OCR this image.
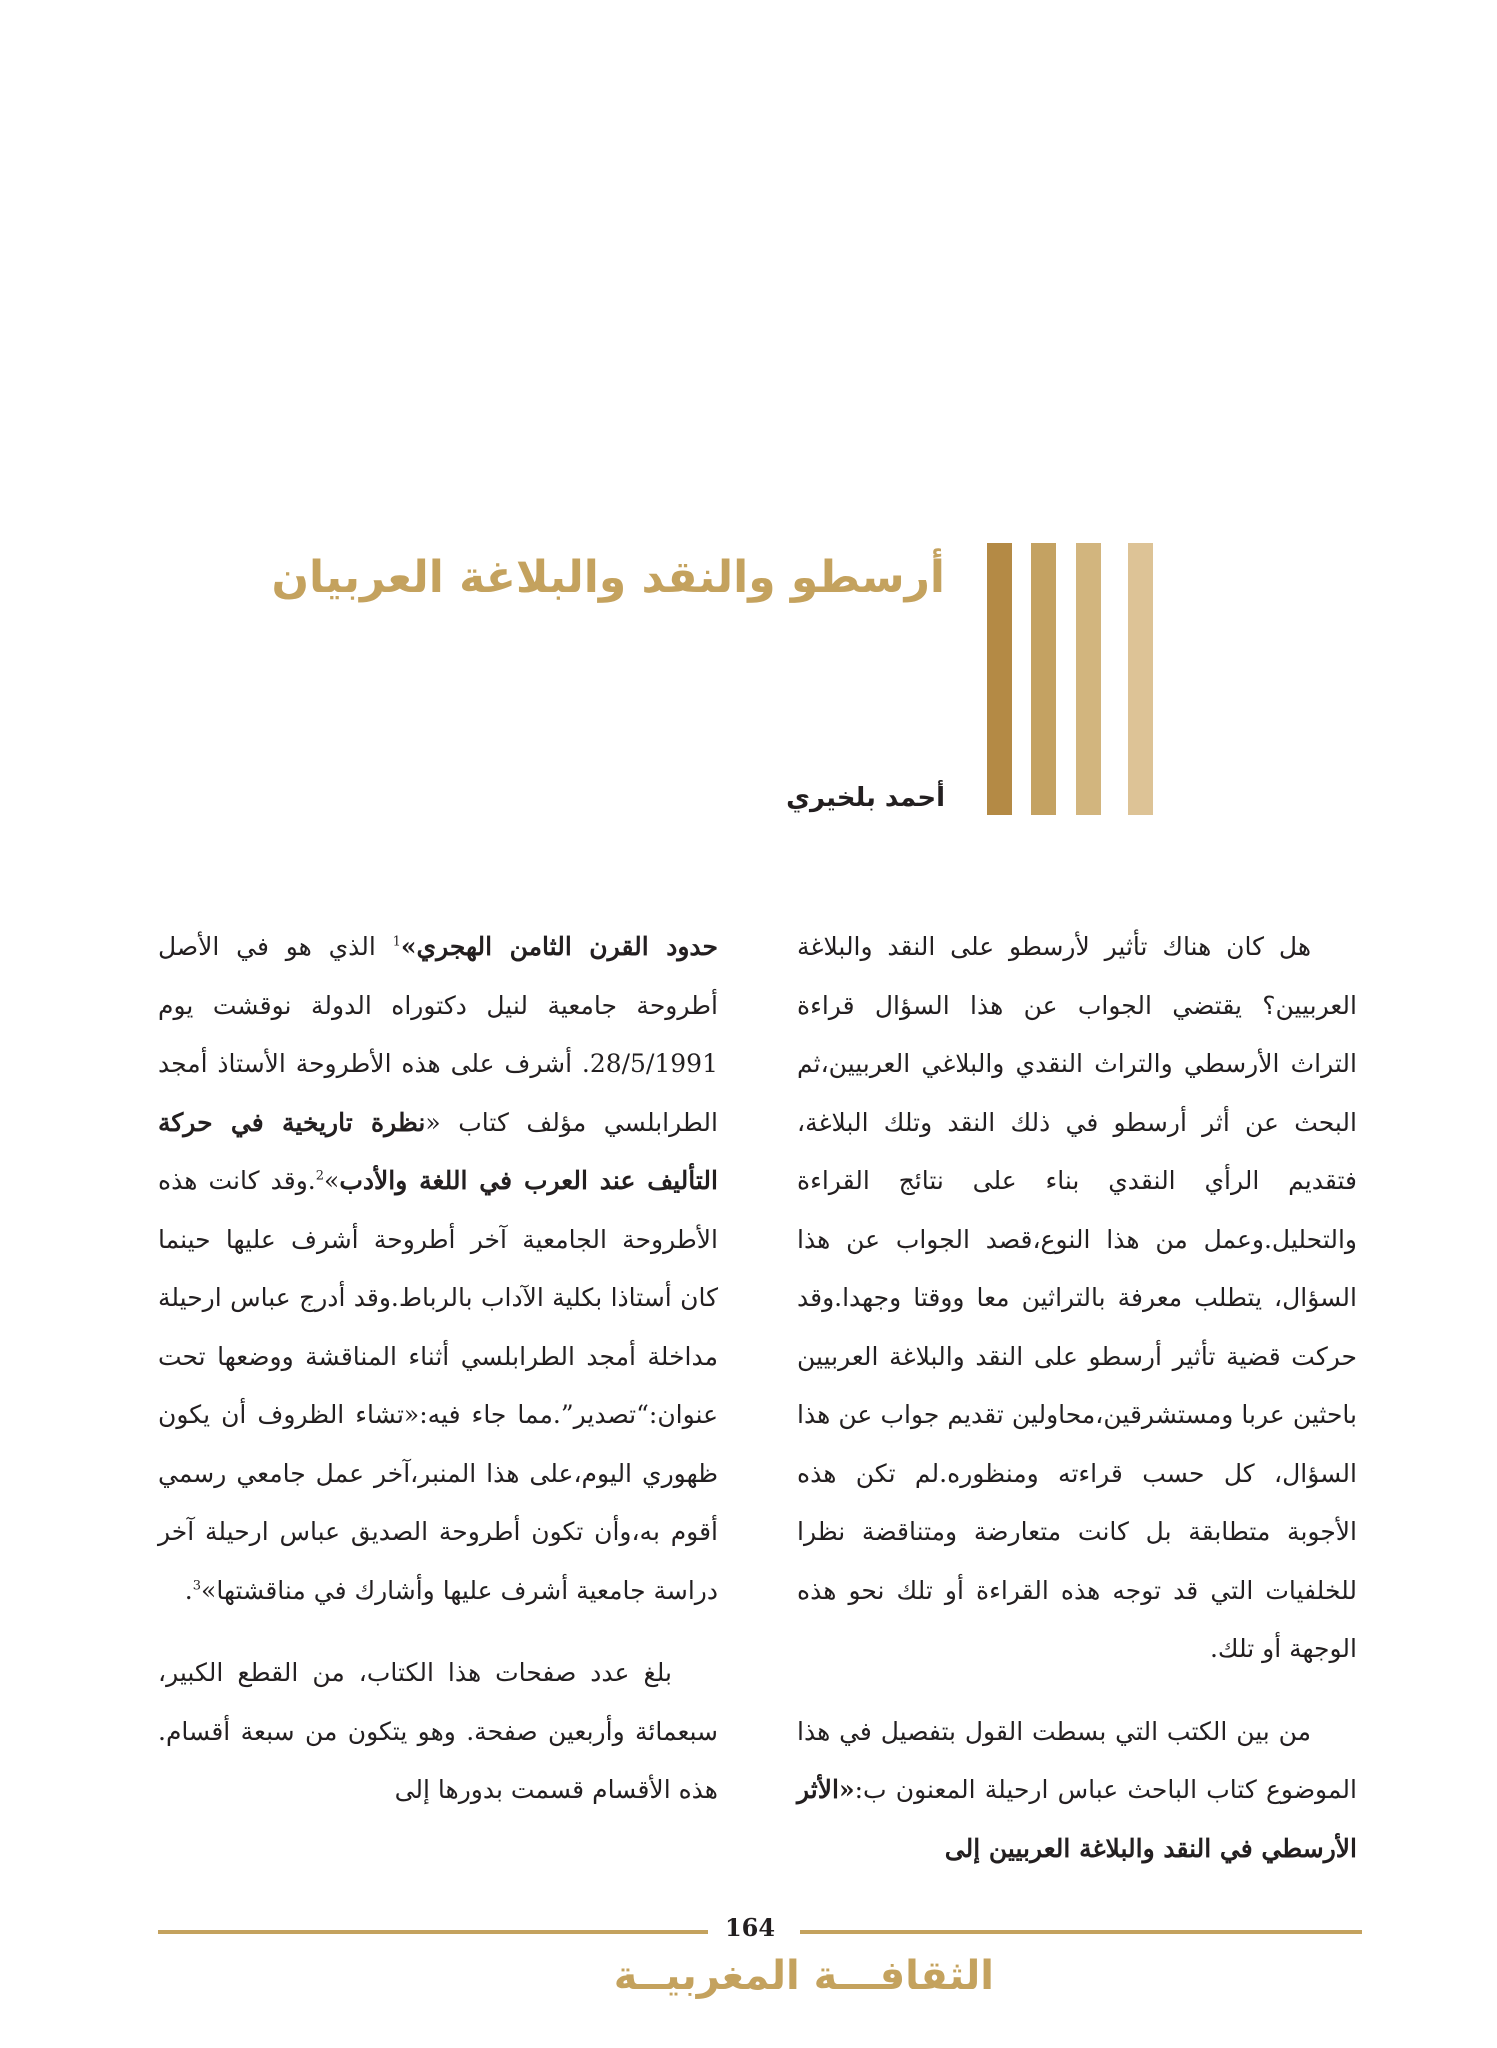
أرسطو والنقد والبلاغة العربيان
أحمد بلخيري

هل كان هناك تأثير لأرسطو على النقد والبلاغة العربيين؟ يقتضي الجواب عن هذا السؤال قراءة التراث الأرسطي والتراث النقدي والبلاغي العربيين،ثم البحث عن أثر أرسطو في ذلك النقد وتلك البلاغة، فتقديم الرأي النقدي بناء على نتائج القراءة والتحليل.وعمل من هذا النوع،قصد الجواب عن هذا السؤال، يتطلب معرفة بالتراثين معا ووقتا وجهدا.وقد حركت قضية تأثير أرسطو على النقد والبلاغة العربيين باحثين عربا ومستشرقين،محاولين تقديم جواب عن هذا السؤال، كل حسب قراءته ومنظوره.لم تكن هذه الأجوبة متطابقة بل كانت متعارضة ومتناقضة نظرا للخلفيات التي قد توجه هذه القراءة أو تلك نحو هذه الوجهة أو تلك.

من بين الكتب التي بسطت القول بتفصيل في هذا الموضوع كتاب الباحث عباس ارحيلة المعنون ب:«الأثر الأرسطي في النقد والبلاغة العربيين إلى

حدود القرن الثامن الهجري»$^1$ الذي هو في الأصل أطروحة جامعية لنيل دكتوراه الدولة نوقشت يوم 28/5/1991. أشرف على هذه الأطروحة الأستاذ أمجد الطرابلسي مؤلف كتاب «نظرة تاريخية في حركة التأليف عند العرب في اللغة والأدب»$^2$.وقد كانت هذه الأطروحة الجامعية آخر أطروحة أشرف عليها حينما كان أستاذا بكلية الآداب بالرباط.وقد أدرج عباس ارحيلة مداخلة أمجد الطرابلسي أثناء المناقشة ووضعها تحت عنوان:“تصدير”.مما جاء فيه:«تشاء الظروف أن يكون ظهوري اليوم،على هذا المنبر،آخر عمل جامعي رسمي أقوم به،وأن تكون أطروحة الصديق عباس ارحيلة آخر دراسة جامعية أشرف عليها وأشارك في مناقشتها»$^3$.

بلغ عدد صفحات هذا الكتاب، من القطع الكبير، سبعمائة وأربعين صفحة. وهو يتكون من سبعة أقسام. هذه الأقسام قسمت بدورها إلى

164
الثقافـــة المغربيــة
